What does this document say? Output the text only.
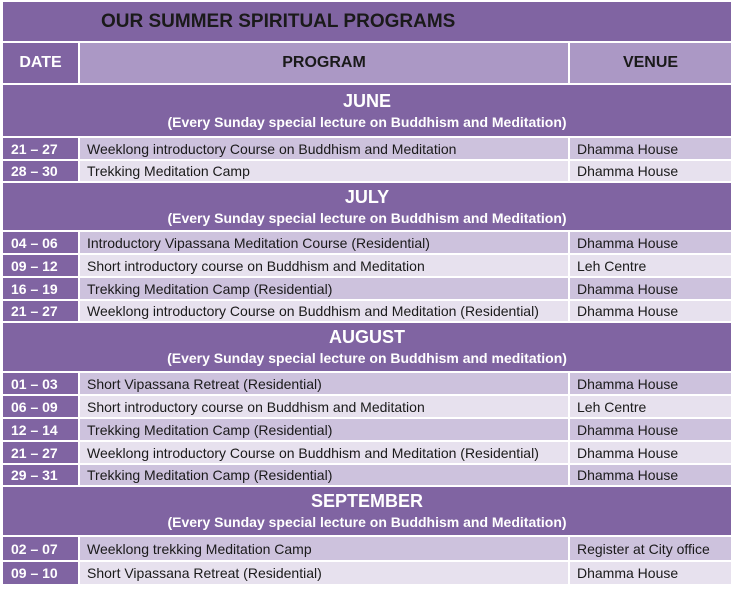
OUR SUMMER SPIRITUAL PROGRAMS		
DATE	PROGRAM	VENUE

JUNE
(Every Sunday special lecture on Buddhism and Meditation)		

21 – 27	Weeklong introductory Course on Buddhism and Meditation	Dhamma House
28 – 30	Trekking Meditation Camp	Dhamma House

JULY
(Every Sunday special lecture on Buddhism and Meditation)		

04 – 06	Introductory Vipassana Meditation Course (Residential)	Dhamma House
09 – 12	Short introductory course on Buddhism and Meditation	Leh Centre
16 – 19	Trekking Meditation Camp (Residential)	Dhamma House
21 – 27	Weeklong introductory Course on Buddhism and Meditation (Residential)	Dhamma House

AUGUST
(Every Sunday special lecture on Buddhism and meditation)		

01 – 03	Short Vipassana Retreat (Residential)	Dhamma House
06 – 09	Short introductory course on Buddhism and Meditation	Leh Centre
12 – 14	Trekking Meditation Camp (Residential)	Dhamma House
21 – 27	Weeklong introductory Course on Buddhism and Meditation (Residential)	Dhamma House
29 – 31	Trekking Meditation Camp (Residential)	Dhamma House

SEPTEMBER
(Every Sunday special lecture on Buddhism and Meditation)		

02 – 07	Weeklong trekking Meditation Camp	Register at City office
09 – 10	Short Vipassana Retreat (Residential)	Dhamma House
